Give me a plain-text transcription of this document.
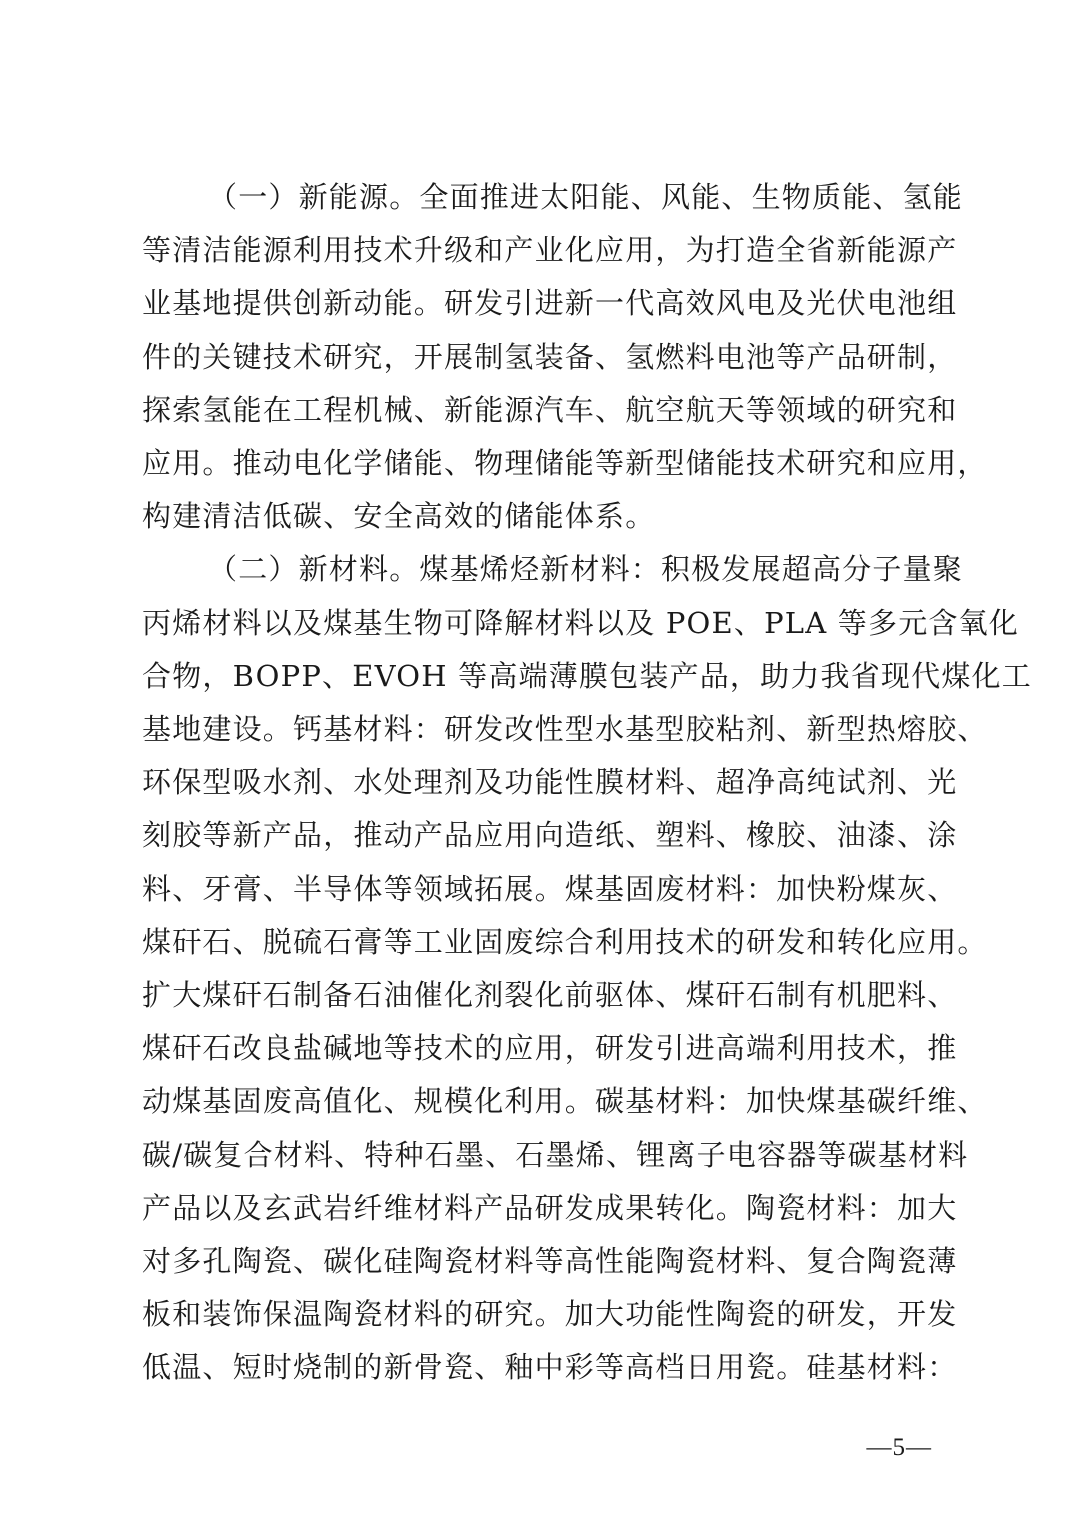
（一）新能源。全面推进太阳能、风能、生物质能、氢能
等清洁能源利用技术升级和产业化应用，为打造全省新能源产
业基地提供创新动能。研发引进新一代高效风电及光伏电池组
件的关键技术研究，开展制氢装备、氢燃料电池等产品研制，
探索氢能在工程机械、新能源汽车、航空航天等领域的研究和
应用。推动电化学储能、物理储能等新型储能技术研究和应用，
构建清洁低碳、安全高效的储能体系。

（二）新材料。煤基烯烃新材料：积极发展超高分子量聚
丙烯材料以及煤基生物可降解材料以及 POE、PLA 等多元含氧化
合物，BOPP、EVOH 等高端薄膜包装产品，助力我省现代煤化工
基地建设。钙基材料：研发改性型水基型胶粘剂、新型热熔胶、
环保型吸水剂、水处理剂及功能性膜材料、超净高纯试剂、光
刻胶等新产品，推动产品应用向造纸、塑料、橡胶、油漆、涂
料、牙膏、半导体等领域拓展。煤基固废材料：加快粉煤灰、
煤矸石、脱硫石膏等工业固废综合利用技术的研发和转化应用。
扩大煤矸石制备石油催化剂裂化前驱体、煤矸石制有机肥料、
煤矸石改良盐碱地等技术的应用，研发引进高端利用技术，推
动煤基固废高值化、规模化利用。碳基材料：加快煤基碳纤维、
碳/碳复合材料、特种石墨、石墨烯、锂离子电容器等碳基材料
产品以及玄武岩纤维材料产品研发成果转化。陶瓷材料：加大
对多孔陶瓷、碳化硅陶瓷材料等高性能陶瓷材料、复合陶瓷薄
板和装饰保温陶瓷材料的研究。加大功能性陶瓷的研发，开发
低温、短时烧制的新骨瓷、釉中彩等高档日用瓷。硅基材料：

—5—
